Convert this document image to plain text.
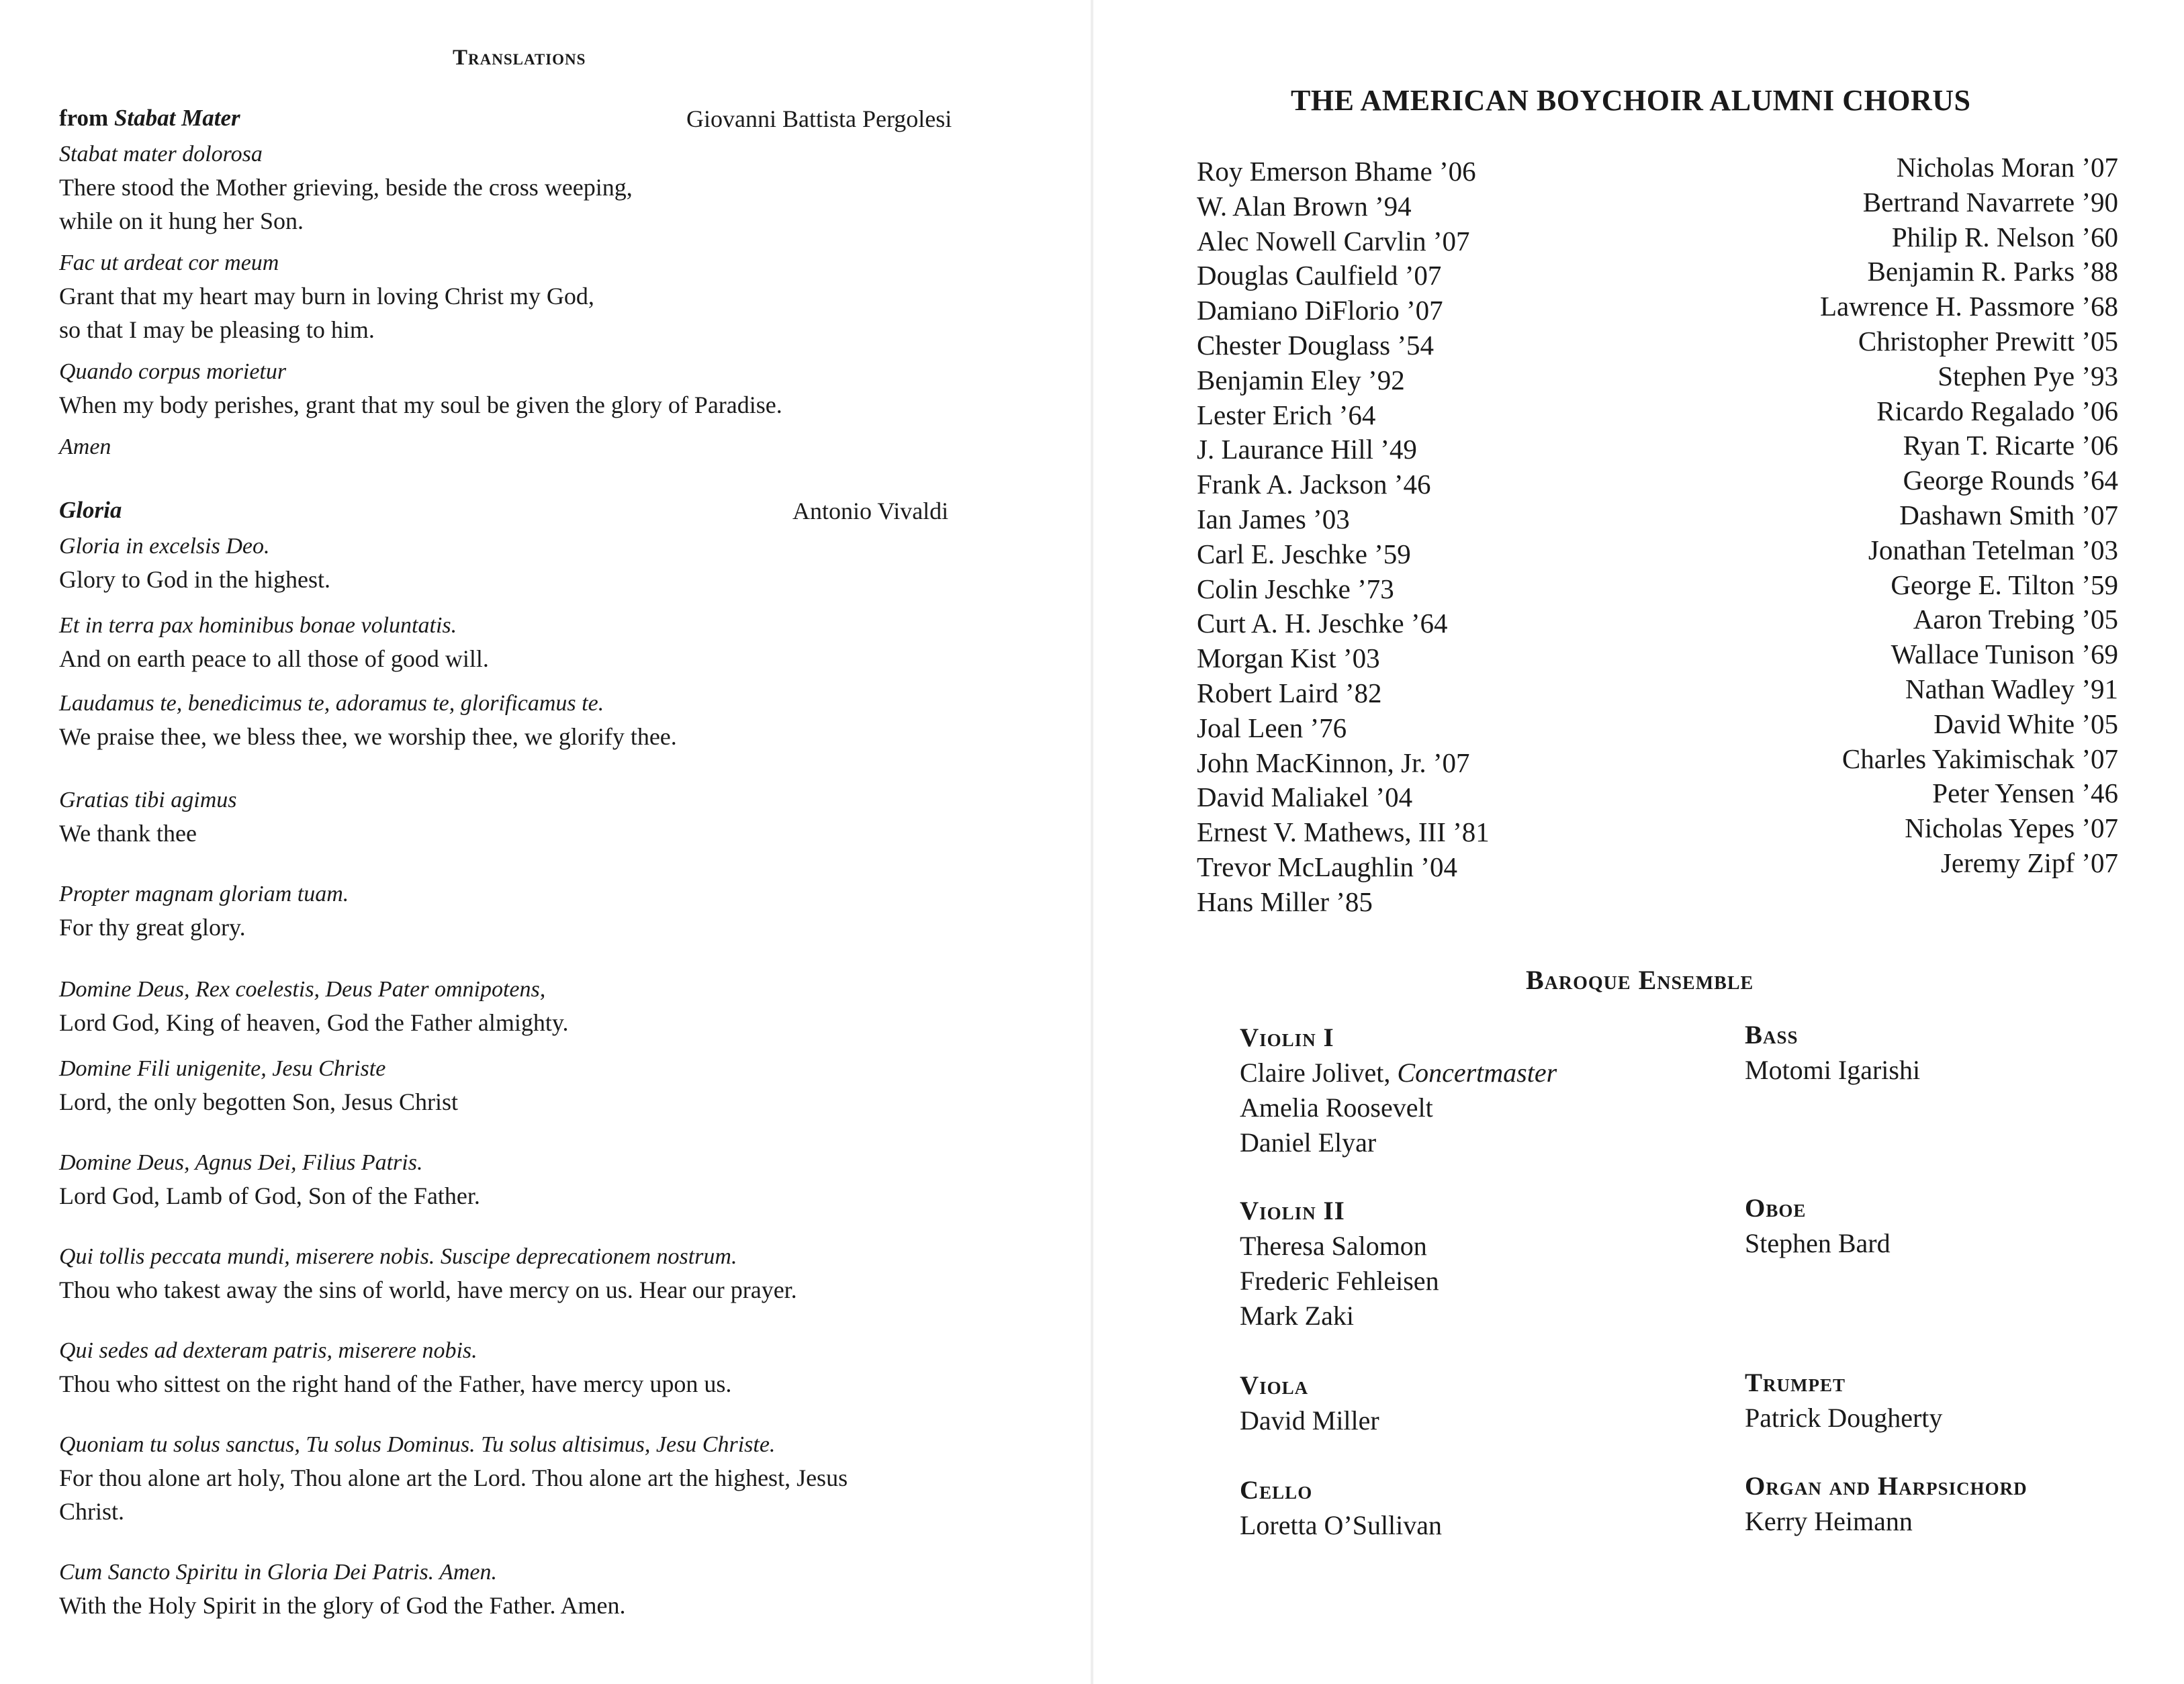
Translations
from Stabat Mater	Giovanni Battista Pergolesi
Stabat mater dolorosa
There stood the Mother grieving, beside the cross weeping,
while on it hung her Son.
Fac ut ardeat cor meum
Grant that my heart may burn in loving Christ my God,
so that I may be pleasing to him.
Quando corpus morietur
When my body perishes, grant that my soul be given the glory of Paradise.
Amen
Gloria	Antonio Vivaldi
Gloria in excelsis Deo.
Glory to God in the highest.
Et in terra pax hominibus bonae voluntatis.
And on earth peace to all those of good will.
Laudamus te, benedicimus te, adoramus te, glorificamus te.
We praise thee, we bless thee, we worship thee, we glorify thee.
Gratias tibi agimus
We thank thee
Propter magnam gloriam tuam.
For thy great glory.
Domine Deus, Rex coelestis, Deus Pater omnipotens,
Lord God, King of heaven, God the Father almighty.
Domine Fili unigenite, Jesu Christe
Lord, the only begotten Son, Jesus Christ
Domine Deus, Agnus Dei, Filius Patris.
Lord God, Lamb of God, Son of the Father.
Qui tollis peccata mundi, miserere nobis. Suscipe deprecationem nostrum.
Thou who takest away the sins of world, have mercy on us. Hear our prayer.
Qui sedes ad dexteram patris, miserere nobis.
Thou who sittest on the right hand of the Father, have mercy upon us.
Quoniam tu solus sanctus, Tu solus Dominus. Tu solus altisimus, Jesu Christe.
For thou alone art holy, Thou alone art the Lord. Thou alone art the highest, Jesus
Christ.
Cum Sancto Spiritu in Gloria Dei Patris. Amen.
With the Holy Spirit in the glory of God the Father. Amen.
THE AMERICAN BOYCHOIR ALUMNI CHORUS
Roy Emerson Bhame ’06
W. Alan Brown ’94
Alec Nowell Carvlin ’07
Douglas Caulfield ’07
Damiano DiFlorio ’07
Chester Douglass ’54
Benjamin Eley ’92
Lester Erich ’64
J. Laurance Hill ’49
Frank A. Jackson ’46
Ian James ’03
Carl E. Jeschke ’59
Colin Jeschke ’73
Curt A. H. Jeschke ’64
Morgan Kist ’03
Robert Laird ’82
Joal Leen ’76
John MacKinnon, Jr. ’07
David Maliakel ’04
Ernest V. Mathews, III ’81
Trevor McLaughlin ’04
Hans Miller ’85
Nicholas Moran ’07
Bertrand Navarrete ’90
Philip R. Nelson ’60
Benjamin R. Parks ’88
Lawrence H. Passmore ’68
Christopher Prewitt ’05
Stephen Pye ’93
Ricardo Regalado ’06
Ryan T. Ricarte ’06
George Rounds ’64
Dashawn Smith ’07
Jonathan Tetelman ’03
George E. Tilton ’59
Aaron Trebing ’05
Wallace Tunison ’69
Nathan Wadley ’91
David White ’05
Charles Yakimischak ’07
Peter Yensen ’46
Nicholas Yepes ’07
Jeremy Zipf ’07
Baroque Ensemble
Violin I
Claire Jolivet, Concertmaster
Amelia Roosevelt
Daniel Elyar
Violin II
Theresa Salomon
Frederic Fehleisen
Mark Zaki
Viola
David Miller
Cello
Loretta O’Sullivan
Bass
Motomi Igarishi
Oboe
Stephen Bard
Trumpet
Patrick Dougherty
Organ and Harpsichord
Kerry Heimann
